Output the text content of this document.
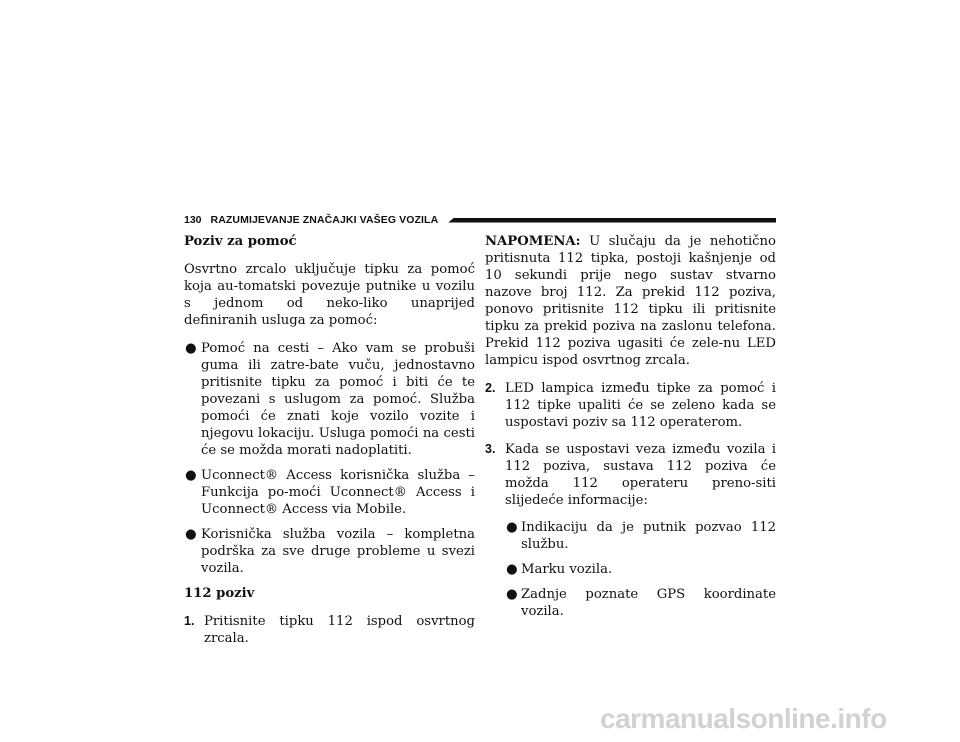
130 RAZUMIJEVANJE ZNAČAJKI VAŠEG VOZILA

Poziv za pomoć

Osvrtno zrcalo uključuje tipku za pomoć koja au-tomatski povezuje putnike u vozilu s jednom od neko-liko unaprijed definiranih usluga za pomoć:

● Pomoć na cesti – Ako vam se probuši guma ili zatre-bate vuču, jednostavno pritisnite tipku za pomoć i biti će te povezani s uslugom za pomoć. Služba pomoći će znati koje vozilo vozite i njegovu lokaciju. Usluga pomoći na cesti će se možda morati nadoplatiti.
● Uconnect® Access korisnička služba – Funkcija po-moći Uconnect® Access i Uconnect® Access via Mobile.
● Korisnička služba vozila – kompletna podrška za sve druge probleme u svezi vozila.

112 poziv

1. Pritisnite tipku 112 ispod osvrtnog zrcala.

NAPOMENA: U slučaju da je nehotično pritisnuta 112 tipka, postoji kašnjenje od 10 sekundi prije nego sustav stvarno nazove broj 112. Za prekid 112 poziva, ponovo pritisnite 112 tipku ili pritisnite tipku za prekid poziva na zaslonu telefona. Prekid 112 poziva ugasiti će zele-nu LED lampicu ispod osvrtnog zrcala.

2. LED lampica između tipke za pomoć i 112 tipke upaliti će se zeleno kada se uspostavi poziv sa 112 operaterom.
3. Kada se uspostavi veza između vozila i 112 poziva, sustava 112 poziva će možda 112 operateru preno-siti slijedeće informacije:
● Indikaciju da je putnik pozvao 112 službu.
● Marku vozila.
● Zadnje poznate GPS koordinate vozila.
carmanualsonline.info
